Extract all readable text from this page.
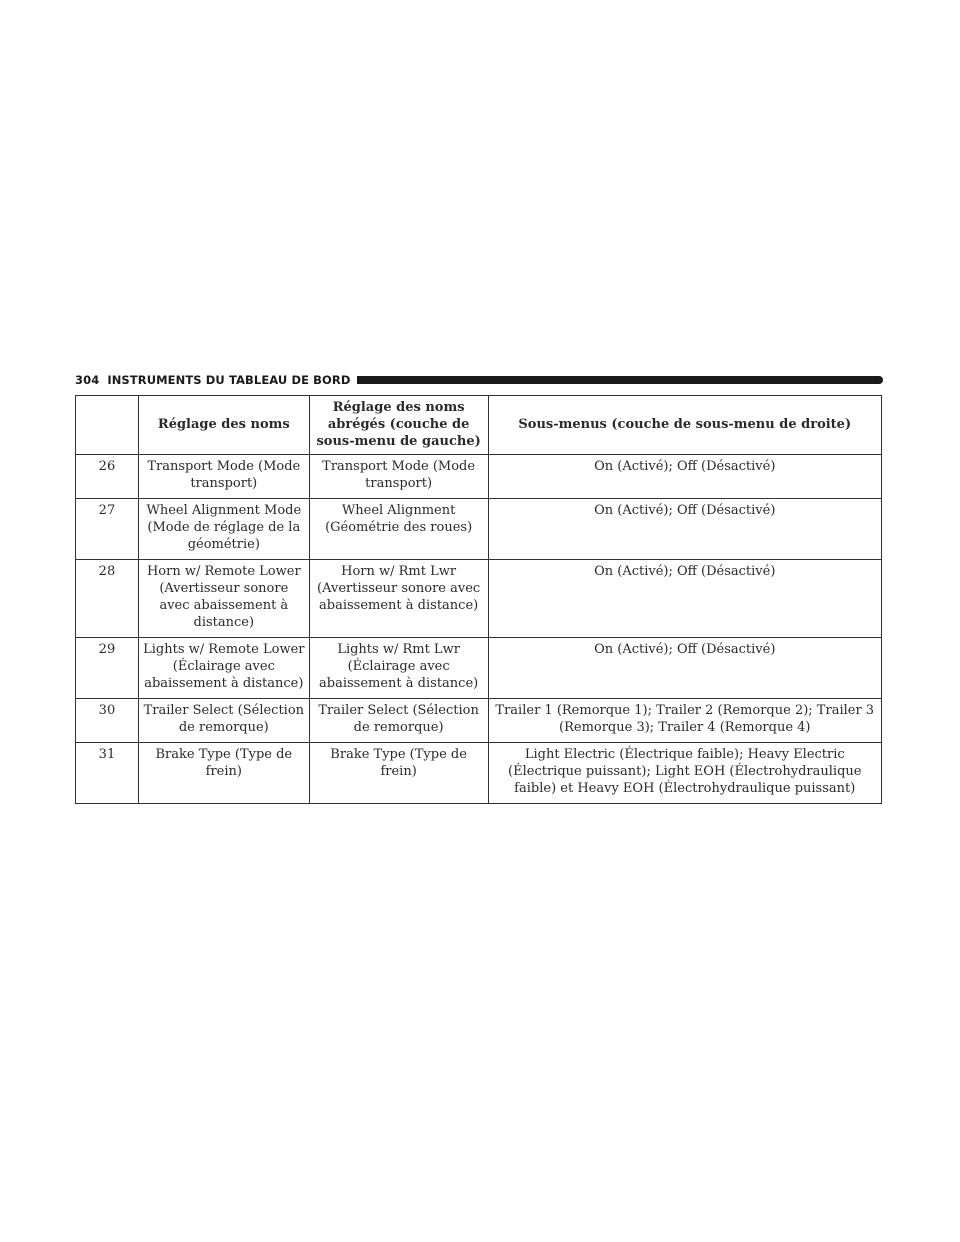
304 INSTRUMENTS DU TABLEAU DE BORD
	Réglage des noms	Réglage des noms abrégés (couche de sous-menu de gauche)	Sous-menus (couche de sous-menu de droite)
26	Transport Mode (Mode transport)	Transport Mode (Mode transport)	On (Activé); Off (Désactivé)
27	Wheel Alignment Mode (Mode de réglage de la géométrie)	Wheel Alignment (Géométrie des roues)	On (Activé); Off (Désactivé)
28	Horn w/ Remote Lower (Avertisseur sonore avec abaissement à distance)	Horn w/ Rmt Lwr (Avertisseur sonore avec abaissement à distance)	On (Activé); Off (Désactivé)
29	Lights w/ Remote Lower (Éclairage avec abaissement à distance)	Lights w/ Rmt Lwr (Éclairage avec abaissement à distance)	On (Activé); Off (Désactivé)
30	Trailer Select (Sélection de remorque)	Trailer Select (Sélection de remorque)	Trailer 1 (Remorque 1); Trailer 2 (Remorque 2); Trailer 3 (Remorque 3); Trailer 4 (Remorque 4)
31	Brake Type (Type de frein)	Brake Type (Type de frein)	Light Electric (Électrique faible); Heavy Electric (Électrique puissant); Light EOH (Électrohydraulique faible) et Heavy EOH (Électrohydraulique puissant)
